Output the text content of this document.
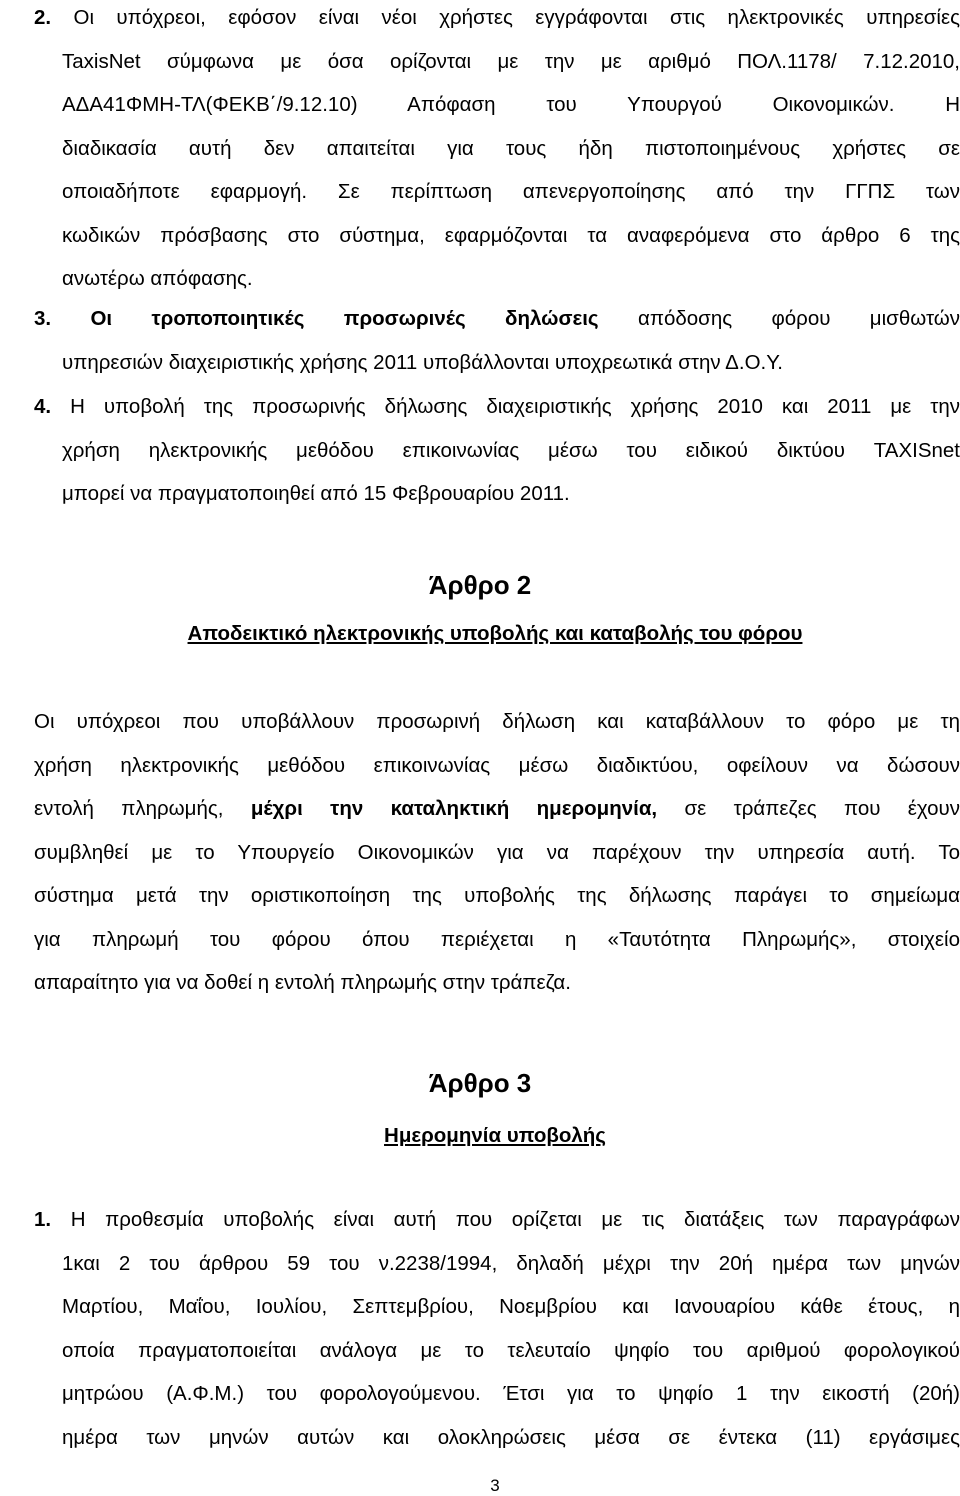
2. Οι υπόχρεοι, εφόσον είναι νέοι χρήστες εγγράφονται στις ηλεκτρονικές υπηρεσίες
TaxisNet σύμφωνα με όσα ορίζονται με την με αριθμό ΠΟΛ.1178/ 7.12.2010,
ΑΔΑ41ΦΜΗ-ΤΛ(ΦΕΚΒ΄/9.12.10) Απόφαση του Υπουργού Οικονομικών. Η
διαδικασία αυτή δεν απαιτείται για τους ήδη πιστοποιημένους χρήστες σε
οποιαδήποτε εφαρμογή. Σε περίπτωση απενεργοποίησης από την ΓΓΠΣ των
κωδικών πρόσβασης στο σύστημα, εφαρμόζονται τα αναφερόμενα στο άρθρο 6 της
ανωτέρω απόφασης.
3. Οι τροποποιητικές προσωρινές δηλώσεις απόδοσης φόρου μισθωτών
υπηρεσιών διαχειριστικής χρήσης 2011 υποβάλλονται υποχρεωτικά στην Δ.Ο.Υ.
4. Η υποβολή της προσωρινής δήλωσης διαχειριστικής χρήσης 2010 και 2011 με την
χρήση ηλεκτρονικής μεθόδου επικοινωνίας μέσω του ειδικού δικτύου TAXISnet
μπορεί να πραγματοποιηθεί από 15 Φεβρουαρίου 2011.
Άρθρο 2
Αποδεικτικό ηλεκτρονικής υποβολής και καταβολής του φόρου
Οι υπόχρεοι που υποβάλλουν προσωρινή δήλωση και καταβάλλουν το φόρο με τη
χρήση ηλεκτρονικής μεθόδου επικοινωνίας μέσω διαδικτύου, οφείλουν να δώσουν
εντολή πληρωμής, μέχρι την καταληκτική ημερομηνία, σε τράπεζες που έχουν
συμβληθεί με το Υπουργείο Οικονομικών για να παρέχουν την υπηρεσία αυτή. Το
σύστημα μετά την οριστικοποίηση της υποβολής της δήλωσης παράγει το σημείωμα
για πληρωμή του φόρου όπου περιέχεται η «Ταυτότητα Πληρωμής», στοιχείο
απαραίτητο για να δοθεί η εντολή πληρωμής στην τράπεζα.
Άρθρο 3
Ημερομηνία υποβολής
1. Η προθεσμία υποβολής είναι αυτή που ορίζεται με τις διατάξεις των παραγράφων
1και 2 του άρθρου 59 του ν.2238/1994, δηλαδή μέχρι την 20ή ημέρα των μηνών
Μαρτίου, Μαΐου, Ιουλίου, Σεπτεμβρίου, Νοεμβρίου και Ιανουαρίου κάθε έτους, η
οποία πραγματοποιείται ανάλογα με το τελευταίο ψηφίο του αριθμού φορολογικού
μητρώου (Α.Φ.Μ.) του φορολογούμενου. Έτσι για το ψηφίο 1 την εικοστή (20ή)
ημέρα των μηνών αυτών και ολοκληρώσεις μέσα σε έντεκα (11) εργάσιμες
3
